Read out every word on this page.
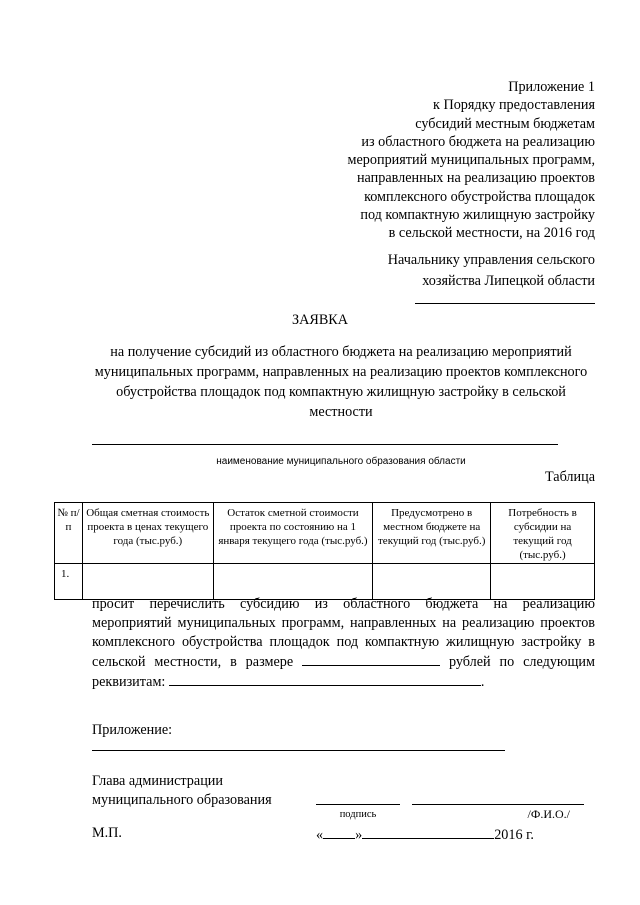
Приложение 1
к Порядку предоставления
субсидий местным бюджетам
из областного бюджета на реализацию
мероприятий муниципальных программ,
направленных на реализацию проектов
комплексного обустройства площадок
под компактную жилищную застройку
в сельской местности, на 2016 год
Начальнику управления сельского
хозяйства Липецкой области
ЗАЯВКА
на получение субсидий из областного бюджета на реализацию мероприятий муниципальных программ, направленных на реализацию проектов комплексного обустройства площадок под компактную жилищную застройку в сельской местности
наименование муниципального образования области
Таблица
№ п/п	Общая сметная стоимость проекта в ценах текущего года (тыс.руб.)	Остаток сметной стоимости проекта по состоянию на 1 января текущего года (тыс.руб.)	Предусмотрено в местном бюджете на текущий год (тыс.руб.)	Потребность в субсидии на текущий год (тыс.руб.)
1.				
просит перечислить субсидию из областного бюджета на реализацию мероприятий муниципальных программ, направленных на реализацию проектов комплексного обустройства площадок под компактную жилищную застройку в сельской местности, в размере	рублей по следующим реквизитам:	.
Приложение:
Глава администрации
муниципального образования
подпись	/Ф.И.О./
М.П.	« »	2016 г.
